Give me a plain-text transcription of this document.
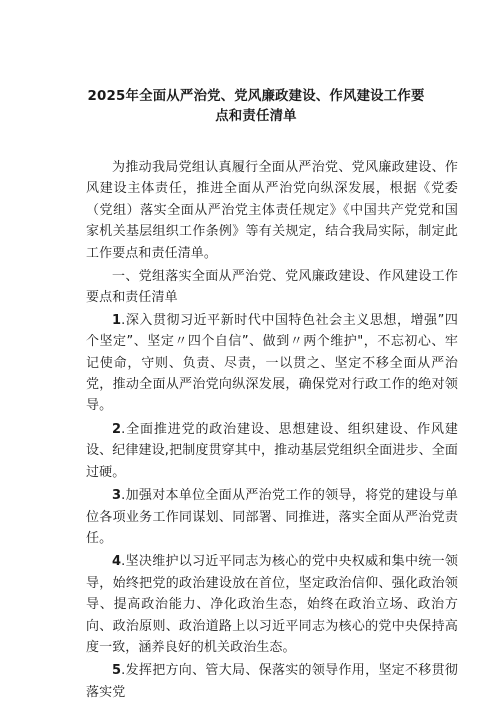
2025年全面从严治党、党风廉政建设、作风建设工作要点和责任清单

为推动我局党组认真履行全面从严治党、党风廉政建设、作风建设主体责任，推进全面从严治党向纵深发展，根据《党委（党组）落实全面从严治党主体责任规定》《中国共产党党和国家机关基层组织工作条例》等有关规定，结合我局实际，制定此工作要点和责任清单。

一、党组落实全面从严治党、党风廉政建设、作风建设工作要点和责任清单

1.深入贯彻习近平新时代中国特色社会主义思想，增强”四个坚定”、坚定〃四个自信”、做到〃两个维护"，不忘初心、牢记使命，守则、负责、尽责，一以贯之、坚定不移全面从严治党，推动全面从严治党向纵深发展，确保党对行政工作的绝对领导。

2.全面推进党的政治建设、思想建设、组织建设、作风建设、纪律建设,把制度贯穿其中，推动基层党组织全面进步、全面过硬。

3.加强对本单位全面从严治党工作的领导，将党的建设与单位各项业务工作同谋划、同部署、同推进，落实全面从严治党责任。

4.坚决维护以习近平同志为核心的党中央权威和集中统一领导，始终把党的政治建设放在首位，坚定政治信仰、强化政治领导、提高政治能力、净化政治生态，始终在政治立场、政治方向、政治原则、政治道路上以习近平同志为核心的党中央保持高度一致，涵养良好的机关政治生态。

5.发挥把方向、管大局、保落实的领导作用，坚定不移贯彻落实党
